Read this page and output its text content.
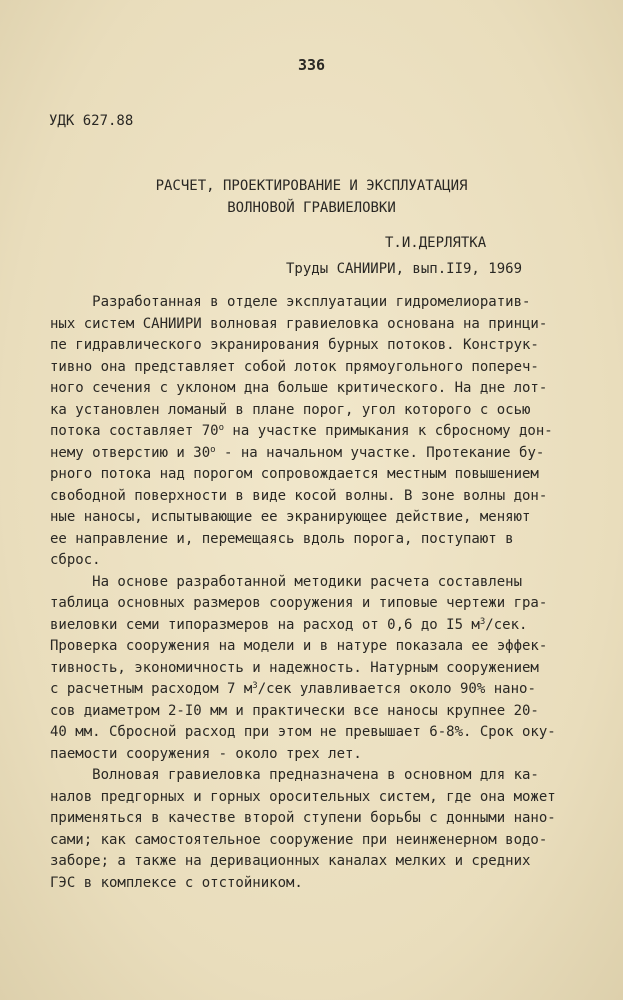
336
УДК 627.88
РАСЧЕТ, ПРОЕКТИРОВАНИЕ И ЭКСПЛУАТАЦИЯ
ВОЛНОВОЙ ГРАВИЕЛОВКИ
Т.И.ДЕРЛЯТКА
Труды САНИИРИ, вып.II9, 1969
Разработанная в отделе эксплуатации гидромелиоратив-
ных систем САНИИРИ волновая гравиеловка основана на принци-
пе гидравлического экранирования бурных потоков. Конструк-
тивно она представляет собой лоток прямоугольного попереч-
ного сечения с уклоном дна больше критического. На дне лот-
ка установлен ломаный в плане порог, угол которого с осью
потока составляет 70$^o$ на участке примыкания к сбросному дон-
нему отверстию и 30$^o$ - на начальном участке. Протекание бу-
рного потока над порогом сопровождается местным повышением
свободной поверхности в виде косой волны. В зоне волны дон-
ные наносы, испытывающие ее экранирующее действие, меняют
ее направление и, перемещаясь вдоль порога, поступают в
сброс.
На основе разработанной методики расчета составлены
таблица основных размеров сооружения и типовые чертежи гра-
виеловки семи типоразмеров на расход от 0,6 до I5 $м^3$/сек.
Проверка сооружения на модели и в натуре показала ее эффек-
тивность, экономичность и надежность. Натурным сооружением
с расчетным расходом 7 $м^3$/сек улавливается около 90% нано-
сов диаметром 2-I0 мм и практически все наносы крупнее 20-
40 мм. Сбросной расход при этом не превышает 6-8%. Срок оку-
паемости сооружения - около трех лет.
Волновая гравиеловка предназначена в основном для ка-
налов предгорных и горных оросительных систем, где она может
применяться в качестве второй ступени борьбы с донными нано-
сами; как самостоятельное сооружение при неинженерном водо-
заборе; а также на деривационных каналах мелких и средних
ГЭС в комплексе с отстойником.
